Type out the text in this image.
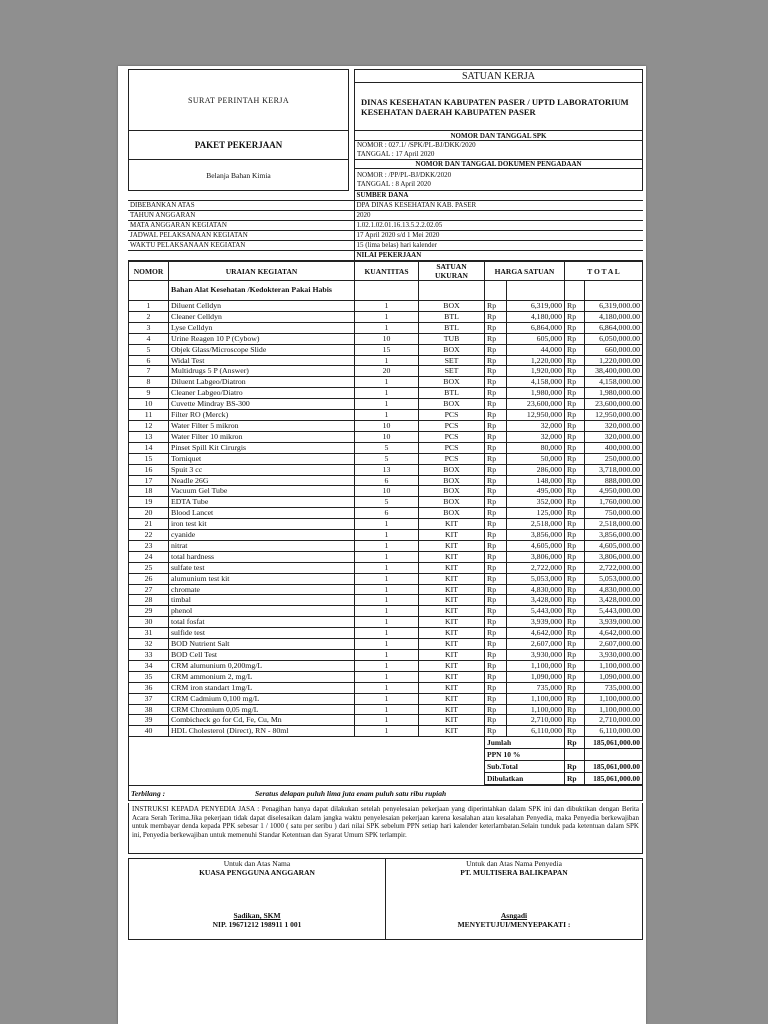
SURAT PERINTAH KERJA		SATUAN KERJA
		DINAS KESEHATAN KABUPATEN PASER / UPTD LABORATORIUM KESEHATAN DAERAH KABUPATEN PASER
PAKET PEKERJAAN		NOMOR DAN TANGGAL SPK

		NOMOR : 027.1/ /SPK/PL-BJ/DKK/2020
TANGGAL : 17 April 2020

Belanja Bahan Kimia		NOMOR DAN TANGGAL DOKUMEN PENGADAAN

		NOMOR : /PP/PL-BJ/DKK/2020
TANGGAL : 8 April 2020
	SUMBER DANA
DIBEBANKAN ATAS	DPA DINAS KESEHATAN KAB. PASER
TAHUN ANGGARAN	2020
MATA ANGGARAN KEGIATAN	1.02.1.02.01.16.13.5.2.2.02.05
JADWAL PELAKSANAAN KEGIATAN	17 April 2020 s/d 1 Mei 2020
WAKTU PELAKSANAAN KEGIATAN	15 (lima belas) hari kalender
	NILAI PEKERJAAN
NOMOR	URAIAN KEGIATAN	KUANTITAS	SATUAN UKURAN	HARGA SATUAN		T O T A L	
	Bahan Alat Kesehatan /Kedokteran Pakai Habis						
1	Diluent Celldyn	1	BOX	Rp	6,319,000	Rp	6,319,000.00
2	Cleaner Celldyn	1	BTL	Rp	4,180,000	Rp	4,180,000.00
3	Lyse Celldyn	1	BTL	Rp	6,864,000	Rp	6,864,000.00
4	Urine Reagen 10 P (Cybow)	10	TUB	Rp	605,000	Rp	6,050,000.00
5	Objek Glass/Microscope Slide	15	BOX	Rp	44,000	Rp	660,000.00
6	Widal Test	1	SET	Rp	1,220,000	Rp	1,220,000.00
7	Multidrugs 5 P (Answer)	20	SET	Rp	1,920,000	Rp	38,400,000.00
8	Diluent Labgeo/Diatron	1	BOX	Rp	4,158,000	Rp	4,158,000.00
9	Cleaner Labgeo/Diatro	1	BTL	Rp	1,980,000	Rp	1,980,000.00
10	Cuvette Mindray BS-300	1	BOX	Rp	23,600,000	Rp	23,600,000.00
11	Filter RO (Merck)	1	PCS	Rp	12,950,000	Rp	12,950,000.00
12	Water Filter 5 mikron	10	PCS	Rp	32,000	Rp	320,000.00
13	Water Filter 10 mikron	10	PCS	Rp	32,000	Rp	320,000.00
14	Pinset Spill Kit Cirurgis	5	PCS	Rp	80,000	Rp	400,000.00
15	Torniquet	5	PCS	Rp	50,000	Rp	250,000.00
16	Spuit 3 cc	13	BOX	Rp	286,000	Rp	3,718,000.00
17	Neadle 26G	6	BOX	Rp	148,000	Rp	888,000.00
18	Vacuum Gel Tube	10	BOX	Rp	495,000	Rp	4,950,000.00
19	EDTA Tube	5	BOX	Rp	352,000	Rp	1,760,000.00
20	Blood Lancet	6	BOX	Rp	125,000	Rp	750,000.00
21	iron test kit	1	KIT	Rp	2,518,000	Rp	2,518,000.00
22	cyanide	1	KIT	Rp	3,856,000	Rp	3,856,000.00
23	nitrat	1	KIT	Rp	4,605,000	Rp	4,605,000.00
24	total hardness	1	KIT	Rp	3,806,000	Rp	3,806,000.00
25	sulfate test	1	KIT	Rp	2,722,000	Rp	2,722,000.00
26	alumunium test kit	1	KIT	Rp	5,053,000	Rp	5,053,000.00
27	chromate	1	KIT	Rp	4,830,000	Rp	4,830,000.00
28	timbal	1	KIT	Rp	3,428,000	Rp	3,428,000.00
29	phenol	1	KIT	Rp	5,443,000	Rp	5,443,000.00
30	total fosfat	1	KIT	Rp	3,939,000	Rp	3,939,000.00
31	sulfide test	1	KIT	Rp	4,642,000	Rp	4,642,000.00
32	BOD Nutrient Salt	1	KIT	Rp	2,607,000	Rp	2,607,000.00
33	BOD Cell Test	1	KIT	Rp	3,930,000	Rp	3,930,000.00
34	CRM alumunium 0,200mg/L	1	KIT	Rp	1,100,000	Rp	1,100,000.00
35	CRM ammonium 2, mg/L	1	KIT	Rp	1,090,000	Rp	1,090,000.00
36	CRM iron standart 1mg/L	1	KIT	Rp	735,000	Rp	735,000.00
37	CRM Cadmium 0,100 mg/L	1	KIT	Rp	1,100,000	Rp	1,100,000.00
38	CRM Chromium 0,05 mg/L	1	KIT	Rp	1,100,000	Rp	1,100,000.00
39	Combicheck go for Cd, Fe, Cu, Mn	1	KIT	Rp	2,710,000	Rp	2,710,000.00
40	HDL Cholesterol (Direct), RN - 80ml	1	KIT	Rp	6,110,000	Rp	6,110,000.00
				Jumlah		Rp	185,061,000.00
				PPN 10 %			
				Sub.Total		Rp	185,061,000.00
				Dibulatkan		Rp	185,061,000.00
Terbilang :	Seratus delapan puluh lima juta enam puluh satu ribu rupiah
INSTRUKSI KEPADA PENYEDIA JASA : Penagihan hanya dapat dilakukan setelah penyelesaian pekerjaan yang diperintahkan dalam SPK ini dan dibuktikan dengan Berita Acara Serah Terima.Jika pekerjaan tidak dapat diselesaikan dalam jangka waktu penyelesaian pekerjaan karena kesalahan atau kesalahan Penyedia, maka Penyedia berkewajiban untuk membayar denda kepada PPK sebesar 1 / 1000 ( satu per seribu ) dari nilai SPK sebelum PPN setiap hari kalender keterlambatan.Selain tunduk pada ketentuan dalam SPK ini, Penyedia berkewajiban untuk memenuhi Standar Ketentuan dan Syarat Umum SPK terlampir.
Untuk dan Atas Nama
KUASA PENGGUNA ANGGARAN
Sadikan, SKM
NIP. 19671212 198911 1 001

Untuk dan Atas Nama Penyedia
PT. MULTISERA BALIKPAPAN
Asngadi
MENYETUJUI/MENYEPAKATI :
